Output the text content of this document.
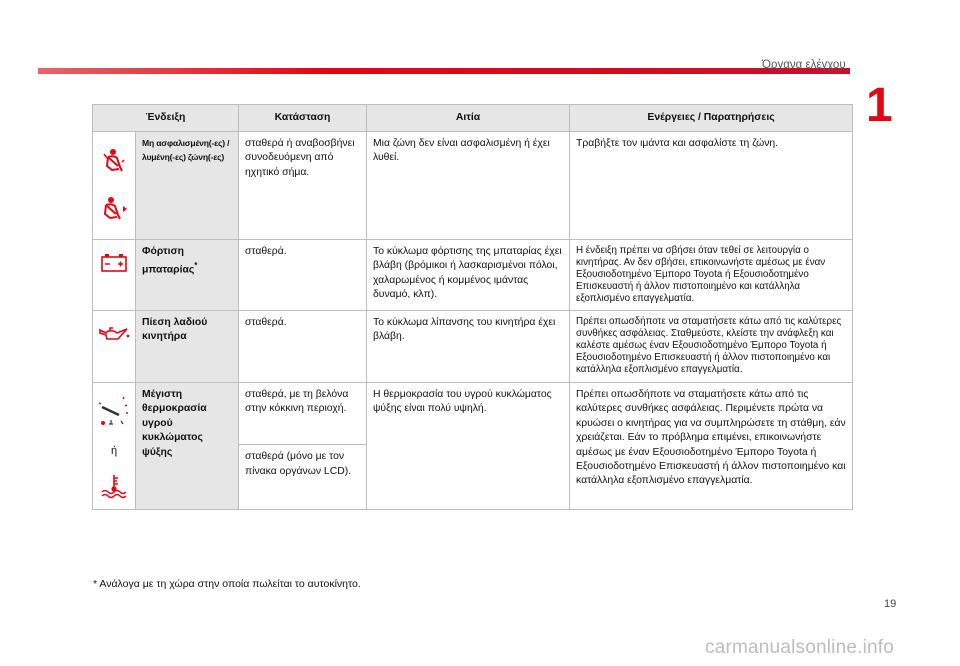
Όργανα ελέγχου
1
Ένδειξη		Κατάσταση	Αιτία	Ενέργειες / Παρατηρήσεις

	Μη ασφαλισμένη(-ες) / λυμένη(-ες) ζώνη(-ες)	σταθερά ή αναβοσβήνει συνοδευόμενη από ηχητικό σήμα.	Μια ζώνη δεν είναι ασφαλισμένη ή έχει λυθεί.	Τραβήξτε τον ιμάντα και ασφαλίστε τη ζώνη.
	Φόρτιση μπαταρίας*	σταθερά.	Το κύκλωμα φόρτισης της μπαταρίας έχει βλάβη (βρόμικοι ή λασκαρισμένοι πόλοι, χαλαρωμένος ή κομμένος ιμάντας δυναμό, κλπ).	Η ένδειξη πρέπει να σβήσει όταν τεθεί σε λειτουργία ο κινητήρας. Αν δεν σβήσει, επικοινωνήστε αμέσως με έναν Εξουσιοδοτημένο Έμπορο Toyota ή Εξουσιοδοτημένο Επισκευαστή ή άλλον πιστοποιημένο και κατάλληλα εξοπλισμένο επαγγελματία.
	Πίεση λαδιού κινητήρα	σταθερά.	Το κύκλωμα λίπανσης του κινητήρα έχει βλάβη.	Πρέπει οπωσδήποτε να σταματήσετε κάτω από τις καλύτερες συνθήκες ασφάλειας. Σταθμεύστε, κλείστε την ανάφλεξη και καλέστε αμέσως έναν Εξουσιοδοτημένο Έμπορο Toyota ή Εξουσιοδοτημένο Επισκευαστή ή άλλον πιστοποιημένο και κατάλληλα εξοπλισμένο επαγγελματία.

ή	Μέγιστη θερμοκρασία υγρού κυκλώματος ψύξης	σταθερά, με τη βελόνα στην κόκκινη περιοχή.	Η θερμοκρασία του υγρού κυκλώματος ψύξης είναι πολύ υψηλή.	Πρέπει οπωσδήποτε να σταματήσετε κάτω από τις καλύτερες συνθήκες ασφάλειας. Περιμένετε πρώτα να κρυώσει ο κινητήρας για να συμπληρώσετε τη στάθμη, εάν χρειάζεται. Εάν το πρόβλημα επιμένει, επικοινωνήστε αμέσως με έναν Εξουσιοδοτημένο Έμπορο Toyota ή Εξουσιοδοτημένο Επισκευαστή ή άλλον πιστοποιημένο και κατάλληλα εξοπλισμένο επαγγελματία.
		σταθερά (μόνο με τον πίνακα οργάνων LCD).		
* Ανάλογα με τη χώρα στην οποία πωλείται το αυτοκίνητο.
19
carmanualsonline.info
